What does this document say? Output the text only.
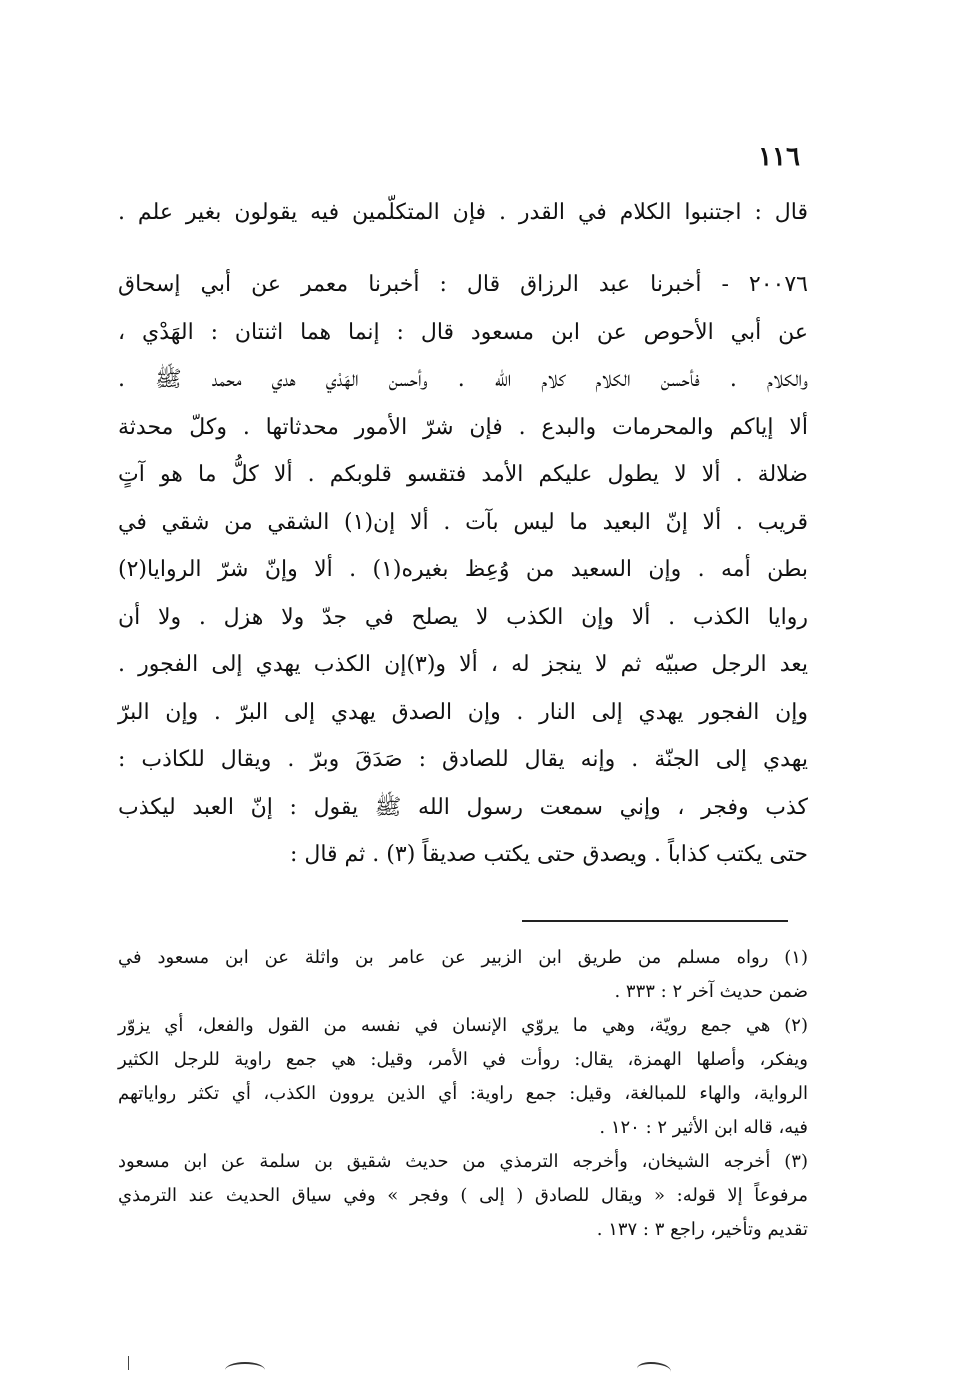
١١٦
قال : اجتنبوا الكلام في القدر . فإن المتكلّمين فيه يقولون بغير علم .
٢٠٠٧٦ - أخبرنا عبد الرزاق قال : أخبرنا معمر عن أبي إسحاق
عن أبي الأحوص عن ابن مسعود قال : إنما هما اثنتان : الهَدْي ،
والكلام . فأحسن الكلام كلام الله . وأحسن الهَدْي هدي محمد ﷺ .
ألا إياكم والمحرمات والبدع . فإن شرّ الأمور محدثاتها . وكلّ محدثة
ضلالة . ألا لا يطول عليكم الأمد فتقسو قلوبكم . ألا كلُّ ما هو آتٍ
قريب . ألا إنّ البعيد ما ليس بآت . ألا إن(١) الشقي من شقي في
بطن أمه . وإن السعيد من وُعِظ بغيره(١) . ألا وإنّ شرّ الروايا(٢)
روايا الكذب . ألا وإن الكذب لا يصلح في جدّ ولا هزل . ولا أن
يعد الرجل صبيّه ثم لا ينجز له ، ألا و(٣)إن الكذب يهدي إلى الفجور .
وإن الفجور يهدي إلى النار . وإن الصدق يهدي إلى البرّ . وإن البرّ
يهدي إلى الجنّة . وإنه يقال للصادق : صَدَقَ وبرّ . ويقال للكاذب :
كذب وفجر ، وإني سمعت رسول الله ﷺ يقول : إنّ العبد ليكذب
حتى يكتب كذاباً . ويصدق حتى يكتب صديقاً (٣) . ثم قال :
(١) رواه مسلم من طريق ابن الزبير عن عامر بن واثلة عن ابن مسعود في
ضمن حديث آخر ٢ : ٣٣٣ .
(٢) هي جمع رويّة، وهي ما يروّي الإنسان في نفسه من القول والفعل، أي يزوّر
ويفكر، وأصلها الهمزة، يقال: روأت في الأمر، وقيل: هي جمع راوية للرجل الكثير
الرواية، والهاء للمبالغة، وقيل: جمع راوية: أي الذين يروون الكذب، أي تكثر رواياتهم
فيه، قاله ابن الأثير ٢ : ١٢٠ .
(٣) أخرجه الشيخان، وأخرجه الترمذي من حديث شقيق بن سلمة عن ابن مسعود
مرفوعاً إلا قوله: « ويقال للصادق ( إلى ) وفجر » وفي سياق الحديث عند الترمذي
تقديم وتأخير، راجع ٣ : ١٣٧ .
